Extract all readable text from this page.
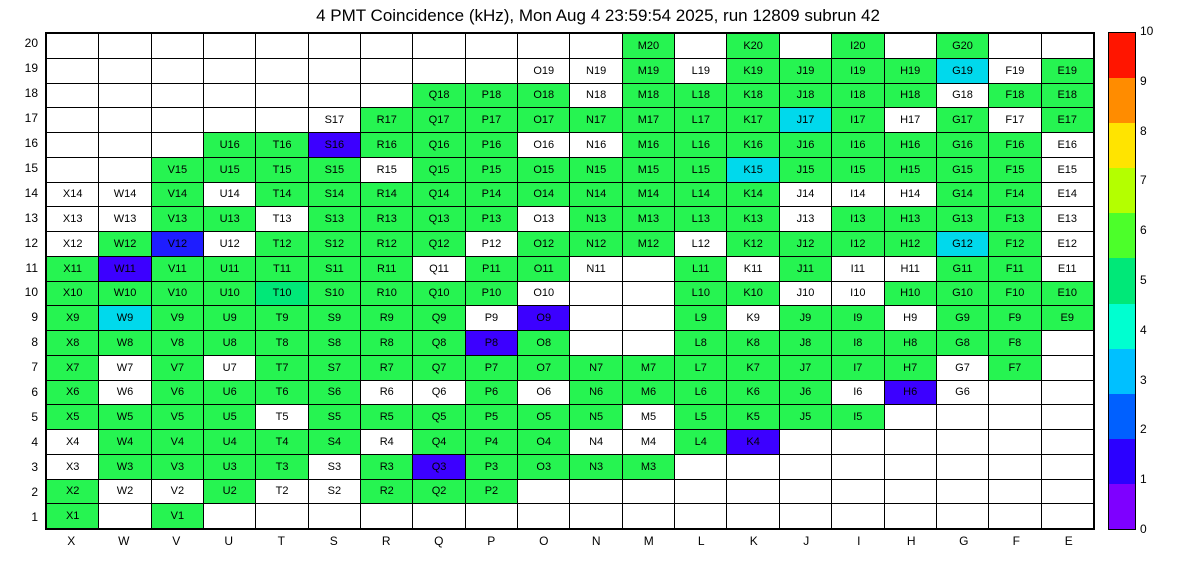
4 PMT Coincidence (kHz), Mon Aug 4 23:59:54 2025, run 12809 subrun 42
											M20		K20		I20		G20		
									O19	N19	M19	L19	K19	J19	I19	H19	G19	F19	E19
							Q18	P18	O18	N18	M18	L18	K18	J18	I18	H18	G18	F18	E18
					S17	R17	Q17	P17	O17	N17	M17	L17	K17	J17	I17	H17	G17	F17	E17
			U16	T16	S16	R16	Q16	P16	O16	N16	M16	L16	K16	J16	I16	H16	G16	F16	E16
		V15	U15	T15	S15	R15	Q15	P15	O15	N15	M15	L15	K15	J15	I15	H15	G15	F15	E15
X14	W14	V14	U14	T14	S14	R14	Q14	P14	O14	N14	M14	L14	K14	J14	I14	H14	G14	F14	E14
X13	W13	V13	U13	T13	S13	R13	Q13	P13	O13	N13	M13	L13	K13	J13	I13	H13	G13	F13	E13
X12	W12	V12	U12	T12	S12	R12	Q12	P12	O12	N12	M12	L12	K12	J12	I12	H12	G12	F12	E12
X11	W11	V11	U11	T11	S11	R11	Q11	P11	O11	N11		L11	K11	J11	I11	H11	G11	F11	E11
X10	W10	V10	U10	T10	S10	R10	Q10	P10	O10			L10	K10	J10	I10	H10	G10	F10	E10
X9	W9	V9	U9	T9	S9	R9	Q9	P9	O9			L9	K9	J9	I9	H9	G9	F9	E9
X8	W8	V8	U8	T8	S8	R8	Q8	P8	O8			L8	K8	J8	I8	H8	G8	F8	
X7	W7	V7	U7	T7	S7	R7	Q7	P7	O7	N7	M7	L7	K7	J7	I7	H7	G7	F7	
X6	W6	V6	U6	T6	S6	R6	Q6	P6	O6	N6	M6	L6	K6	J6	I6	H6	G6		
X5	W5	V5	U5	T5	S5	R5	Q5	P5	O5	N5	M5	L5	K5	J5	I5				
X4	W4	V4	U4	T4	S4	R4	Q4	P4	O4	N4	M4	L4	K4						
X3	W3	V3	U3	T3	S3	R3	Q3	P3	O3	N3	M3								
X2	W2	V2	U2	T2	S2	R2	Q2	P2											
X1		V1																	
20
19
18
17
16
15
14
13
12
11
10
9
8
7
6
5
4
3
2
1
X	W	V	U	T	S	R	Q	P	O	N	M	L	K	J	I	H	G	F	E
0
1
2
3
4
5
6
7
8
9
10
